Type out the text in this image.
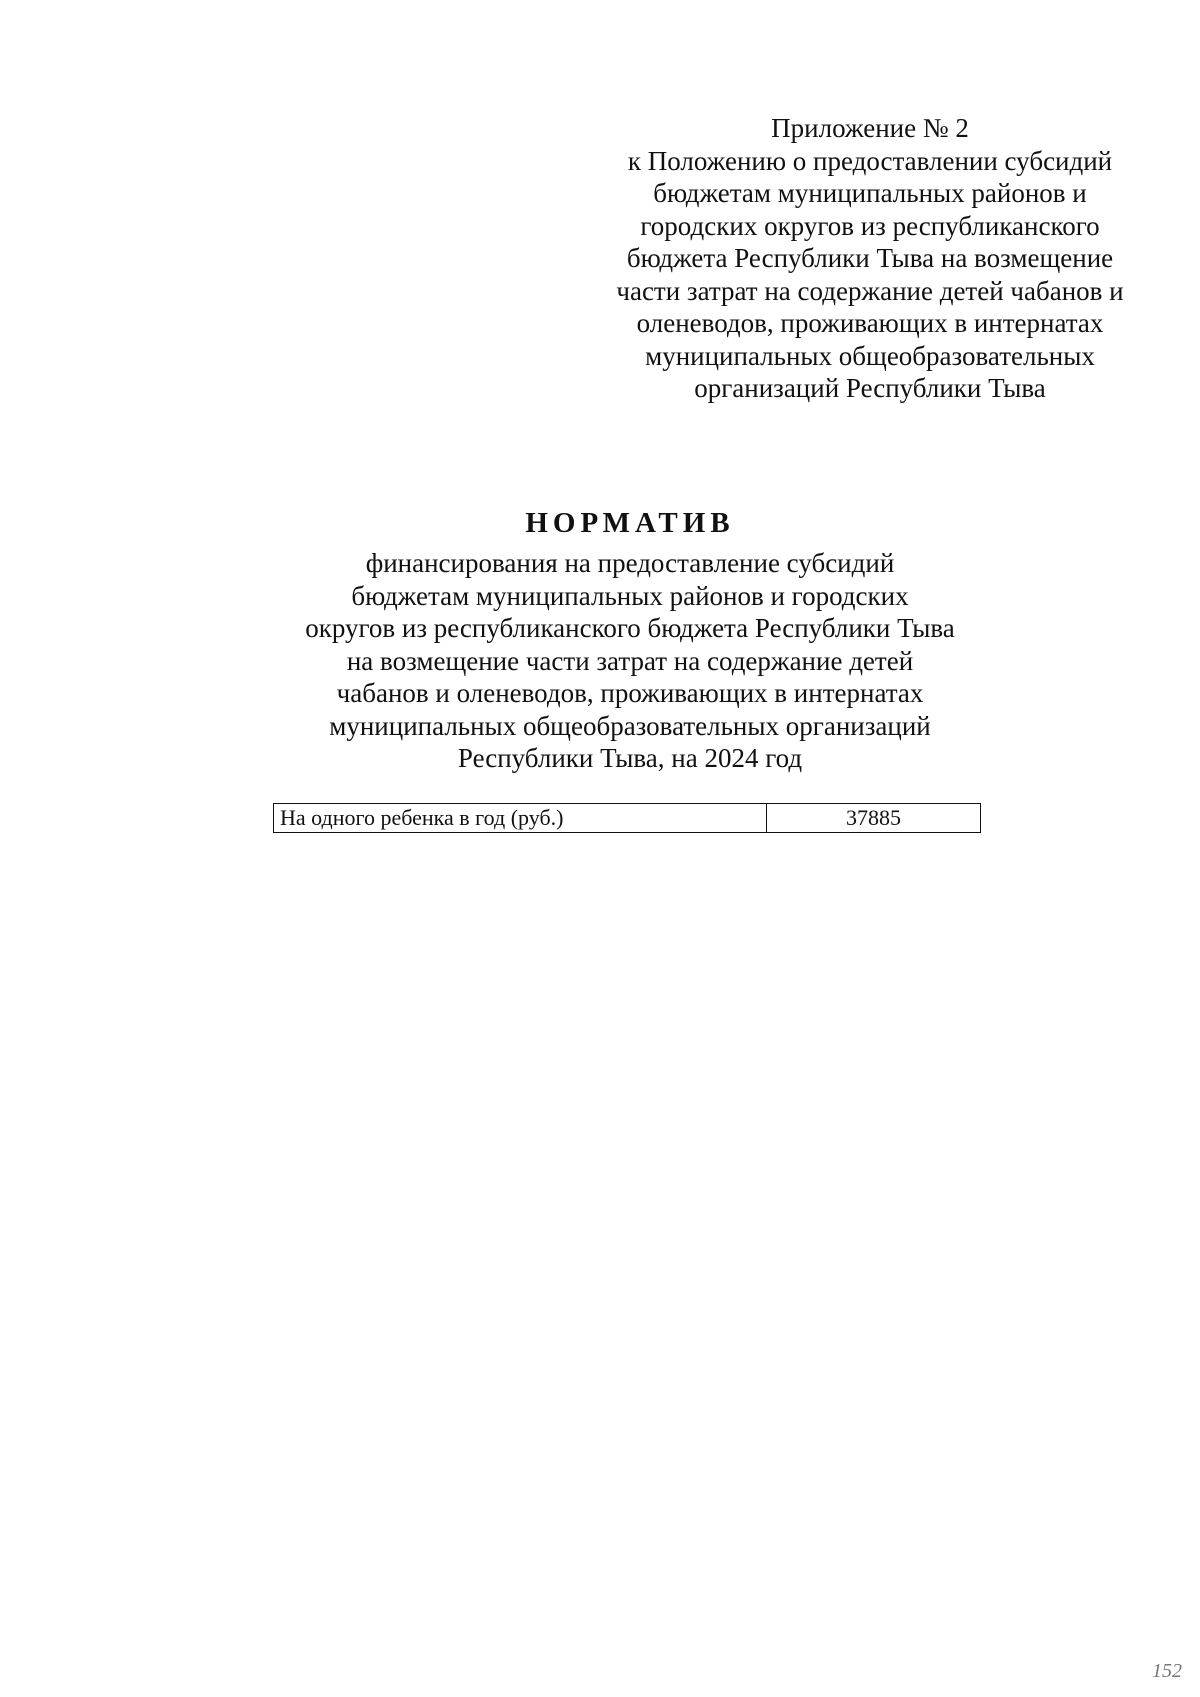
Приложение № 2
к Положению о предоставлении субсидий
бюджетам муниципальных районов и
городских округов из республиканского
бюджета Республики Тыва на возмещение
части затрат на содержание детей чабанов и
оленеводов, проживающих в интернатах
муниципальных общеобразовательных
организаций Республики Тыва
НОРМАТИВ
финансирования на предоставление субсидий
бюджетам муниципальных районов и городских
округов из республиканского бюджета Республики Тыва
на возмещение части затрат на содержание детей
чабанов и оленеводов, проживающих в интернатах
муниципальных общеобразовательных организаций
Республики Тыва, на 2024 год
На одного ребенка в год (руб.)	37885
152
